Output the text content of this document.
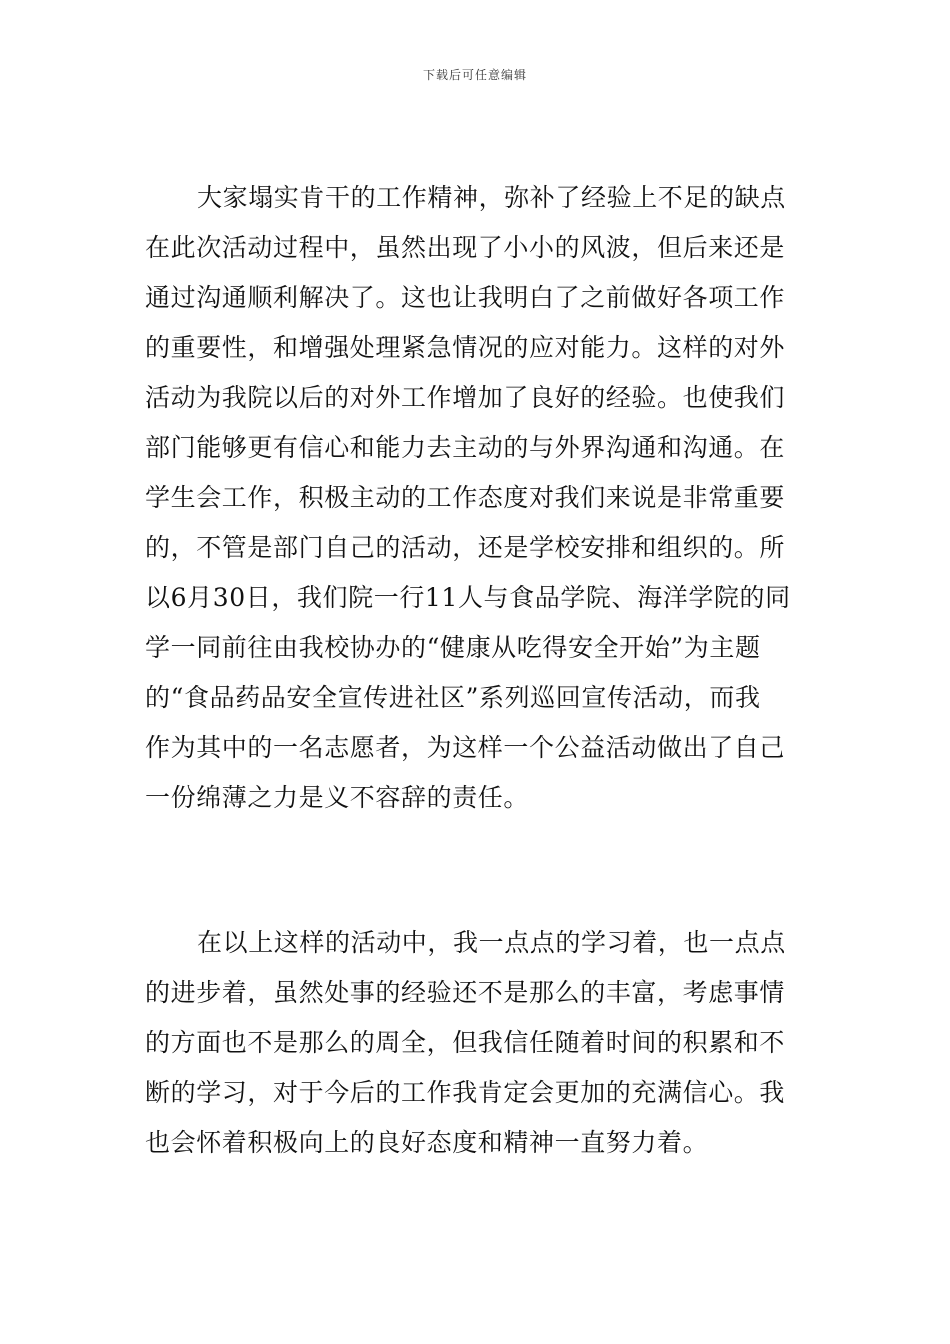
下载后可任意编辑
大家塌实肯干的工作精神，弥补了经验上不足的缺点
在此次活动过程中，虽然出现了小小的风波，但后来还是
通过沟通顺利解决了。这也让我明白了之前做好各项工作
的重要性，和增强处理紧急情况的应对能力。这样的对外
活动为我院以后的对外工作增加了良好的经验。也使我们
部门能够更有信心和能力去主动的与外界沟通和沟通。在
学生会工作，积极主动的工作态度对我们来说是非常重要
的，不管是部门自己的活动，还是学校安排和组织的。所
以6月30日，我们院一行11人与食品学院、海洋学院的同
学一同前往由我校协办的“健康从吃得安全开始”为主题
的“食品药品安全宣传进社区”系列巡回宣传活动，而我
作为其中的一名志愿者，为这样一个公益活动做出了自己
一份绵薄之力是义不容辞的责任。
在以上这样的活动中，我一点点的学习着，也一点点
的进步着，虽然处事的经验还不是那么的丰富，考虑事情
的方面也不是那么的周全，但我信任随着时间的积累和不
断的学习，对于今后的工作我肯定会更加的充满信心。我
也会怀着积极向上的良好态度和精神一直努力着。
